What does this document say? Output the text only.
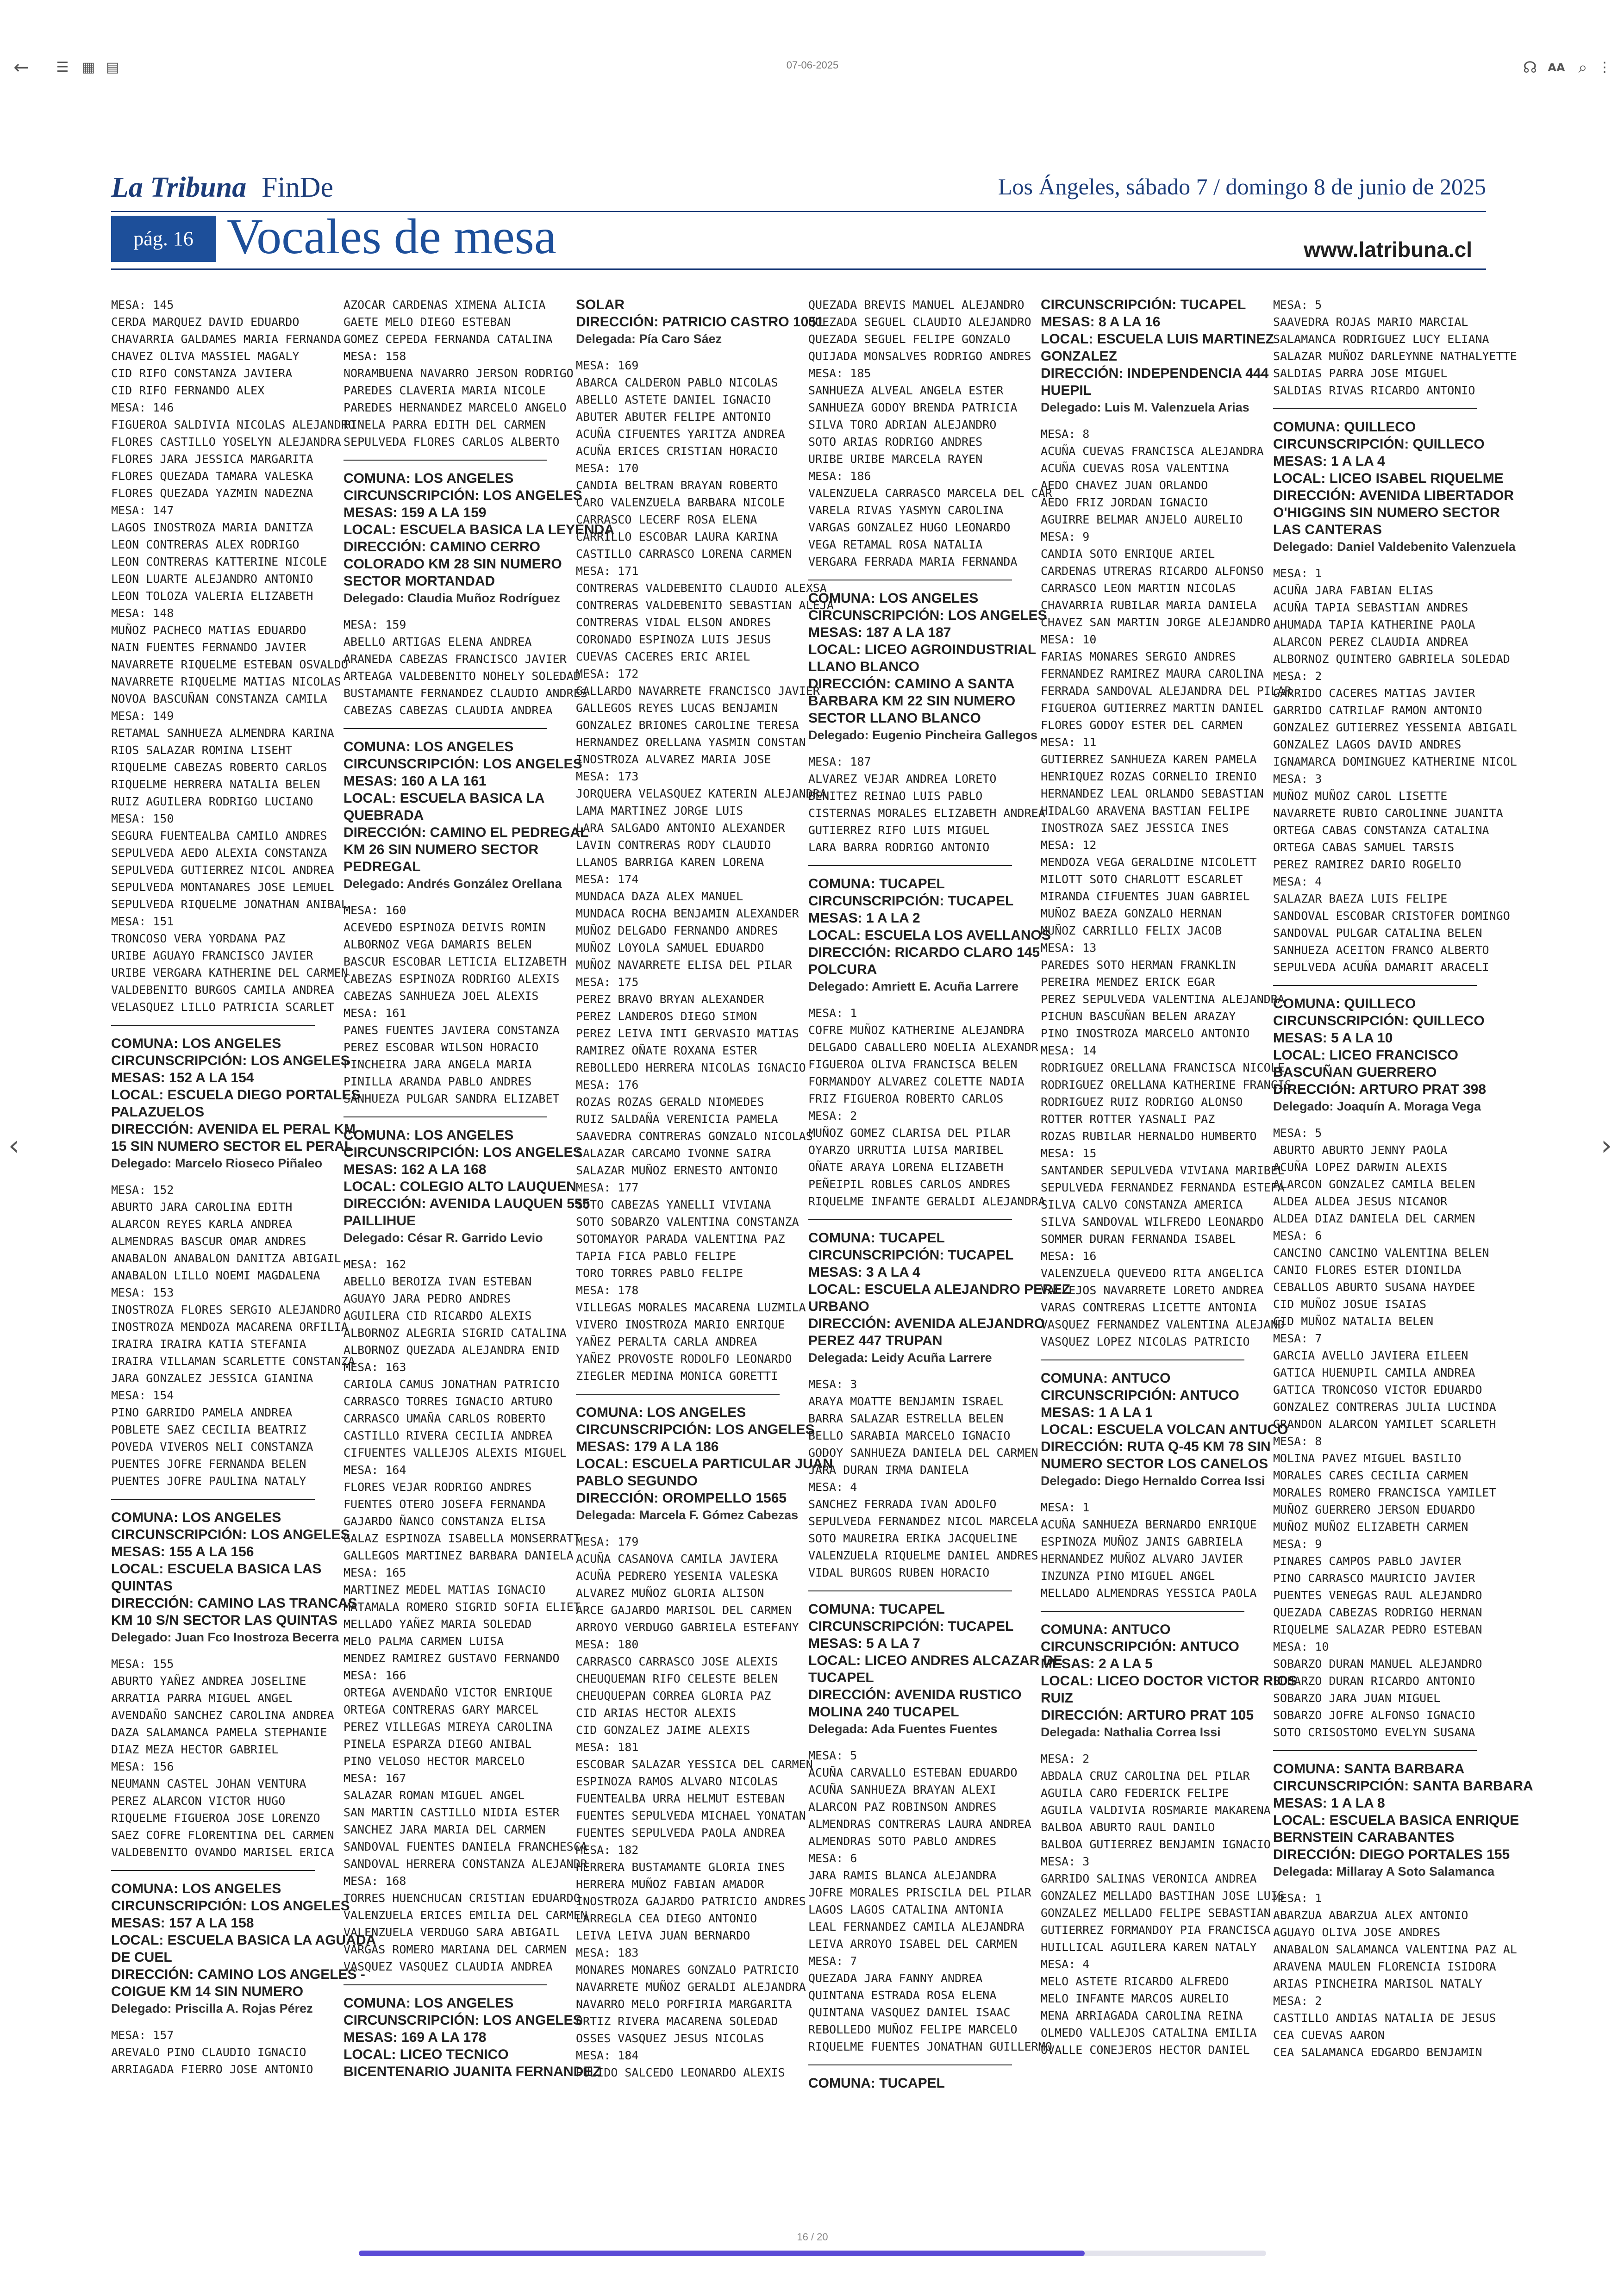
←	☰ ▦ ▤	07-06-2025	☊ AA ⌕ ⋮
La Tribuna FinDe	Los Ángeles, sábado 7 / domingo 8 de junio de 2025
pág. 16 Vocales de mesa	www.latribuna.cl
‹	›
MESA: 145
CERDA MARQUEZ DAVID EDUARDO
CHAVARRIA GALDAMES MARIA FERNANDA
CHAVEZ OLIVA MASSIEL MAGALY
CID RIFO CONSTANZA JAVIERA
CID RIFO FERNANDO ALEX
MESA: 146
FIGUEROA SALDIVIA NICOLAS ALEJANDRO
FLORES CASTILLO YOSELYN ALEJANDRA
FLORES JARA JESSICA MARGARITA
FLORES QUEZADA TAMARA VALESKA
FLORES QUEZADA YAZMIN NADEZNA
MESA: 147
LAGOS INOSTROZA MARIA DANITZA
LEON CONTRERAS ALEX RODRIGO
LEON CONTRERAS KATTERINE NICOLE
LEON LUARTE ALEJANDRO ANTONIO
LEON TOLOZA VALERIA ELIZABETH
MESA: 148
MUÑOZ PACHECO MATIAS EDUARDO
NAIN FUENTES FERNANDO JAVIER
NAVARRETE RIQUELME ESTEBAN OSVALDO
NAVARRETE RIQUELME MATIAS NICOLAS
NOVOA BASCUÑAN CONSTANZA CAMILA
MESA: 149
RETAMAL SANHUEZA ALMENDRA KARINA
RIOS SALAZAR ROMINA LISEHT
RIQUELME CABEZAS ROBERTO CARLOS
RIQUELME HERRERA NATALIA BELEN
RUIZ AGUILERA RODRIGO LUCIANO
MESA: 150
SEGURA FUENTEALBA CAMILO ANDRES
SEPULVEDA AEDO ALEXIA CONSTANZA
SEPULVEDA GUTIERREZ NICOL ANDREA
SEPULVEDA MONTANARES JOSE LEMUEL
SEPULVEDA RIQUELME JONATHAN ANIBAL
MESA: 151
TRONCOSO VERA YORDANA PAZ
URIBE AGUAYO FRANCISCO JAVIER
URIBE VERGARA KATHERINE DEL CARMEN
VALDEBENITO BURGOS CAMILA ANDREA
VELASQUEZ LILLO PATRICIA SCARLET
COMUNA: LOS ANGELES
CIRCUNSCRIPCIÓN: LOS ANGELES
MESAS: 152 A LA 154
LOCAL: ESCUELA DIEGO PORTALES
PALAZUELOS
DIRECCIÓN: AVENIDA EL PERAL KM
15 SIN NUMERO SECTOR EL PERAL
Delegado: Marcelo Rioseco Piñaleo
MESA: 152
ABURTO JARA CAROLINA EDITH
ALARCON REYES KARLA ANDREA
ALMENDRAS BASCUR OMAR ANDRES
ANABALON ANABALON DANITZA ABIGAIL
ANABALON LILLO NOEMI MAGDALENA
MESA: 153
INOSTROZA FLORES SERGIO ALEJANDRO
INOSTROZA MENDOZA MACARENA ORFILIA
IRAIRA IRAIRA KATIA STEFANIA
IRAIRA VILLAMAN SCARLETTE CONSTANZA
JARA GONZALEZ JESSICA GIANINA
MESA: 154
PINO GARRIDO PAMELA ANDREA
POBLETE SAEZ CECILIA BEATRIZ
POVEDA VIVEROS NELI CONSTANZA
PUENTES JOFRE FERNANDA BELEN
PUENTES JOFRE PAULINA NATALY
COMUNA: LOS ANGELES
CIRCUNSCRIPCIÓN: LOS ANGELES
MESAS: 155 A LA 156
LOCAL: ESCUELA BASICA LAS
QUINTAS
DIRECCIÓN: CAMINO LAS TRANCAS
KM 10 S/N SECTOR LAS QUINTAS
Delegado: Juan Fco Inostroza Becerra
MESA: 155
ABURTO YAÑEZ ANDREA JOSELINE
ARRATIA PARRA MIGUEL ANGEL
AVENDAÑO SANCHEZ CAROLINA ANDREA
DAZA SALAMANCA PAMELA STEPHANIE
DIAZ MEZA HECTOR GABRIEL
MESA: 156
NEUMANN CASTEL JOHAN VENTURA
PEREZ ALARCON VICTOR HUGO
RIQUELME FIGUEROA JOSE LORENZO
SAEZ COFRE FLORENTINA DEL CARMEN
VALDEBENITO OVANDO MARISEL ERICA
COMUNA: LOS ANGELES
CIRCUNSCRIPCIÓN: LOS ANGELES
MESAS: 157 A LA 158
LOCAL: ESCUELA BASICA LA AGUADA
DE CUEL
DIRECCIÓN: CAMINO LOS ANGELES -
COIGUE KM 14 SIN NUMERO
Delegado: Priscilla A. Rojas Pérez
MESA: 157
AREVALO PINO CLAUDIO IGNACIO
ARRIAGADA FIERRO JOSE ANTONIO
AZOCAR CARDENAS XIMENA ALICIA
GAETE MELO DIEGO ESTEBAN
GOMEZ CEPEDA FERNANDA CATALINA
MESA: 158
NORAMBUENA NAVARRO JERSON RODRIGO
PAREDES CLAVERIA MARIA NICOLE
PAREDES HERNANDEZ MARCELO ANGELO
PINELA PARRA EDITH DEL CARMEN
SEPULVEDA FLORES CARLOS ALBERTO
COMUNA: LOS ANGELES
CIRCUNSCRIPCIÓN: LOS ANGELES
MESAS: 159 A LA 159
LOCAL: ESCUELA BASICA LA LEYENDA
DIRECCIÓN: CAMINO CERRO
COLORADO KM 28 SIN NUMERO
SECTOR MORTANDAD
Delegado: Claudia Muñoz Rodríguez
MESA: 159
ABELLO ARTIGAS ELENA ANDREA
ARANEDA CABEZAS FRANCISCO JAVIER
ARTEAGA VALDEBENITO NOHELY SOLEDAD
BUSTAMANTE FERNANDEZ CLAUDIO ANDRES
CABEZAS CABEZAS CLAUDIA ANDREA
COMUNA: LOS ANGELES
CIRCUNSCRIPCIÓN: LOS ANGELES
MESAS: 160 A LA 161
LOCAL: ESCUELA BASICA LA
QUEBRADA
DIRECCIÓN: CAMINO EL PEDREGAL
KM 26 SIN NUMERO SECTOR
PEDREGAL
Delegado: Andrés González Orellana
MESA: 160
ACEVEDO ESPINOZA DEIVIS ROMIN
ALBORNOZ VEGA DAMARIS BELEN
BASCUR ESCOBAR LETICIA ELIZABETH
CABEZAS ESPINOZA RODRIGO ALEXIS
CABEZAS SANHUEZA JOEL ALEXIS
MESA: 161
PANES FUENTES JAVIERA CONSTANZA
PEREZ ESCOBAR WILSON HORACIO
PINCHEIRA JARA ANGELA MARIA
PINILLA ARANDA PABLO ANDRES
SANHUEZA PULGAR SANDRA ELIZABET
COMUNA: LOS ANGELES
CIRCUNSCRIPCIÓN: LOS ANGELES
MESAS: 162 A LA 168
LOCAL: COLEGIO ALTO LAUQUEN
DIRECCIÓN: AVENIDA LAUQUEN 555
PAILLIHUE
Delegado: César R. Garrido Levio
MESA: 162
ABELLO BEROIZA IVAN ESTEBAN
AGUAYO JARA PEDRO ANDRES
AGUILERA CID RICARDO ALEXIS
ALBORNOZ ALEGRIA SIGRID CATALINA
ALBORNOZ QUEZADA ALEJANDRA ENID
MESA: 163
CARIOLA CAMUS JONATHAN PATRICIO
CARRASCO TORRES IGNACIO ARTURO
CARRASCO UMAÑA CARLOS ROBERTO
CASTILLO RIVERA CECILIA ANDREA
CIFUENTES VALLEJOS ALEXIS MIGUEL
MESA: 164
FLORES VEJAR RODRIGO ANDRES
FUENTES OTERO JOSEFA FERNANDA
GAJARDO ÑANCO CONSTANZA ELISA
GALAZ ESPINOZA ISABELLA MONSERRATT
GALLEGOS MARTINEZ BARBARA DANIELA
MESA: 165
MARTINEZ MEDEL MATIAS IGNACIO
MATAMALA ROMERO SIGRID SOFIA ELIET
MELLADO YAÑEZ MARIA SOLEDAD
MELO PALMA CARMEN LUISA
MENDEZ RAMIREZ GUSTAVO FERNANDO
MESA: 166
ORTEGA AVENDAÑO VICTOR ENRIQUE
ORTEGA CONTRERAS GARY MARCEL
PEREZ VILLEGAS MIREYA CAROLINA
PINELA ESPARZA DIEGO ANIBAL
PINO VELOSO HECTOR MARCELO
MESA: 167
SALAZAR ROMAN MIGUEL ANGEL
SAN MARTIN CASTILLO NIDIA ESTER
SANCHEZ JARA MARIA DEL CARMEN
SANDOVAL FUENTES DANIELA FRANCHESCA
SANDOVAL HERRERA CONSTANZA ALEJANDR
MESA: 168
TORRES HUENCHUCAN CRISTIAN EDUARDO
VALENZUELA ERICES EMILIA DEL CARMEN
VALENZUELA VERDUGO SARA ABIGAIL
VARGAS ROMERO MARIANA DEL CARMEN
VASQUEZ VASQUEZ CLAUDIA ANDREA
COMUNA: LOS ANGELES
CIRCUNSCRIPCIÓN: LOS ANGELES
MESAS: 169 A LA 178
LOCAL: LICEO TECNICO
BICENTENARIO JUANITA FERNANDEZ
SOLAR
DIRECCIÓN: PATRICIO CASTRO 1051
Delegada: Pía Caro Sáez
MESA: 169
ABARCA CALDERON PABLO NICOLAS
ABELLO ASTETE DANIEL IGNACIO
ABUTER ABUTER FELIPE ANTONIO
ACUÑA CIFUENTES YARITZA ANDREA
ACUÑA ERICES CRISTIAN HORACIO
MESA: 170
CANDIA BELTRAN BRAYAN ROBERTO
CARO VALENZUELA BARBARA NICOLE
CARRASCO LECERF ROSA ELENA
CARRILLO ESCOBAR LAURA KARINA
CASTILLO CARRASCO LORENA CARMEN
MESA: 171
CONTRERAS VALDEBENITO CLAUDIO ALEXSA
CONTRERAS VALDEBENITO SEBASTIAN ALEJA
CONTRERAS VIDAL ELSON ANDRES
CORONADO ESPINOZA LUIS JESUS
CUEVAS CACERES ERIC ARIEL
MESA: 172
GALLARDO NAVARRETE FRANCISCO JAVIER
GALLEGOS REYES LUCAS BENJAMIN
GONZALEZ BRIONES CAROLINE TERESA
HERNANDEZ ORELLANA YASMIN CONSTAN
INOSTROZA ALVAREZ MARIA JOSE
MESA: 173
JORQUERA VELASQUEZ KATERIN ALEJANDRA
LAMA MARTINEZ JORGE LUIS
LARA SALGADO ANTONIO ALEXANDER
LAVIN CONTRERAS RODY CLAUDIO
LLANOS BARRIGA KAREN LORENA
MESA: 174
MUNDACA DAZA ALEX MANUEL
MUNDACA ROCHA BENJAMIN ALEXANDER
MUÑOZ DELGADO FERNANDO ANDRES
MUÑOZ LOYOLA SAMUEL EDUARDO
MUÑOZ NAVARRETE ELISA DEL PILAR
MESA: 175
PEREZ BRAVO BRYAN ALEXANDER
PEREZ LANDEROS DIEGO SIMON
PEREZ LEIVA INTI GERVASIO MATIAS
RAMIREZ OÑATE ROXANA ESTER
REBOLLEDO HERRERA NICOLAS IGNACIO
MESA: 176
ROZAS ROZAS GERALD NIOMEDES
RUIZ SALDAÑA VERENICIA PAMELA
SAAVEDRA CONTRERAS GONZALO NICOLAS
SALAZAR CARCAMO IVONNE SAIRA
SALAZAR MUÑOZ ERNESTO ANTONIO
MESA: 177
SOTO CABEZAS YANELLI VIVIANA
SOTO SOBARZO VALENTINA CONSTANZA
SOTOMAYOR PARADA VALENTINA PAZ
TAPIA FICA PABLO FELIPE
TORO TORRES PABLO FELIPE
MESA: 178
VILLEGAS MORALES MACARENA LUZMILA
VIVERO INOSTROZA MARIO ENRIQUE
YAÑEZ PERALTA CARLA ANDREA
YAÑEZ PROVOSTE RODOLFO LEONARDO
ZIEGLER MEDINA MONICA GORETTI
COMUNA: LOS ANGELES
CIRCUNSCRIPCIÓN: LOS ANGELES
MESAS: 179 A LA 186
LOCAL: ESCUELA PARTICULAR JUAN
PABLO SEGUNDO
DIRECCIÓN: OROMPELLO 1565
Delegada: Marcela F. Gómez Cabezas
MESA: 179
ACUÑA CASANOVA CAMILA JAVIERA
ACUÑA PEDRERO YESENIA VALESKA
ALVAREZ MUÑOZ GLORIA ALISON
ARCE GAJARDO MARISOL DEL CARMEN
ARROYO VERDUGO GABRIELA ESTEFANY
MESA: 180
CARRASCO CARRASCO JOSE ALEXIS
CHEUQUEMAN RIFO CELESTE BELEN
CHEUQUEPAN CORREA GLORIA PAZ
CID ARIAS HECTOR ALEXIS
CID GONZALEZ JAIME ALEXIS
MESA: 181
ESCOBAR SALAZAR YESSICA DEL CARMEN
ESPINOZA RAMOS ALVARO NICOLAS
FUENTEALBA URRA HELMUT ESTEBAN
FUENTES SEPULVEDA MICHAEL YONATAN
FUENTES SEPULVEDA PAOLA ANDREA
MESA: 182
HERRERA BUSTAMANTE GLORIA INES
HERRERA MUÑOZ FABIAN AMADOR
INOSTROZA GAJARDO PATRICIO ANDRES
LARREGLA CEA DIEGO ANTONIO
LEIVA LEIVA JUAN BERNARDO
MESA: 183
MONARES MONARES GONZALO PATRICIO
NAVARRETE MUÑOZ GERALDI ALEJANDRA
NAVARRO MELO PORFIRIA MARGARITA
ORTIZ RIVERA MACARENA SOLEDAD
OSSES VASQUEZ JESUS NICOLAS
MESA: 184
PULIDO SALCEDO LEONARDO ALEXIS
QUEZADA BREVIS MANUEL ALEJANDRO
QUEZADA SEGUEL CLAUDIO ALEJANDRO
QUEZADA SEGUEL FELIPE GONZALO
QUIJADA MONSALVES RODRIGO ANDRES
MESA: 185
SANHUEZA ALVEAL ANGELA ESTER
SANHUEZA GODOY BRENDA PATRICIA
SILVA TORO ADRIAN ALEJANDRO
SOTO ARIAS RODRIGO ANDRES
URIBE URIBE MARCELA RAYEN
MESA: 186
VALENZUELA CARRASCO MARCELA DEL CAR
VARELA RIVAS YASMYN CAROLINA
VARGAS GONZALEZ HUGO LEONARDO
VEGA RETAMAL ROSA NATALIA
VERGARA FERRADA MARIA FERNANDA
COMUNA: LOS ANGELES
CIRCUNSCRIPCIÓN: LOS ANGELES
MESAS: 187 A LA 187
LOCAL: LICEO AGROINDUSTRIAL
LLANO BLANCO
DIRECCIÓN: CAMINO A SANTA
BARBARA KM 22 SIN NUMERO
SECTOR LLANO BLANCO
Delegado: Eugenio Pincheira Gallegos
MESA: 187
ALVAREZ VEJAR ANDREA LORETO
BENITEZ REINAO LUIS PABLO
CISTERNAS MORALES ELIZABETH ANDREA
GUTIERREZ RIFO LUIS MIGUEL
LARA BARRA RODRIGO ANTONIO
COMUNA: TUCAPEL
CIRCUNSCRIPCIÓN: TUCAPEL
MESAS: 1 A LA 2
LOCAL: ESCUELA LOS AVELLANOS
DIRECCIÓN: RICARDO CLARO 145
POLCURA
Delegado: Amriett E. Acuña Larrere
MESA: 1
COFRE MUÑOZ KATHERINE ALEJANDRA
DELGADO CABALLERO NOELIA ALEXANDR
FIGUEROA OLIVA FRANCISCA BELEN
FORMANDOY ALVAREZ COLETTE NADIA
FRIZ FIGUEROA ROBERTO CARLOS
MESA: 2
MUÑOZ GOMEZ CLARISA DEL PILAR
OYARZO URRUTIA LUISA MARIBEL
OÑATE ARAYA LORENA ELIZABETH
PEÑEIPIL ROBLES CARLOS ANDRES
RIQUELME INFANTE GERALDI ALEJANDRA
COMUNA: TUCAPEL
CIRCUNSCRIPCIÓN: TUCAPEL
MESAS: 3 A LA 4
LOCAL: ESCUELA ALEJANDRO PEREZ
URBANO
DIRECCIÓN: AVENIDA ALEJANDRO
PEREZ 447 TRUPAN
Delegada: Leidy Acuña Larrere
MESA: 3
ARAYA MOATTE BENJAMIN ISRAEL
BARRA SALAZAR ESTRELLA BELEN
BELLO SARABIA MARCELO IGNACIO
GODOY SANHUEZA DANIELA DEL CARMEN
JARA DURAN IRMA DANIELA
MESA: 4
SANCHEZ FERRADA IVAN ADOLFO
SEPULVEDA FERNANDEZ NICOL MARCELA
SOTO MAUREIRA ERIKA JACQUELINE
VALENZUELA RIQUELME DANIEL ANDRES
VIDAL BURGOS RUBEN HORACIO
COMUNA: TUCAPEL
CIRCUNSCRIPCIÓN: TUCAPEL
MESAS: 5 A LA 7
LOCAL: LICEO ANDRES ALCAZAR DE
TUCAPEL
DIRECCIÓN: AVENIDA RUSTICO
MOLINA 240 TUCAPEL
Delegada: Ada Fuentes Fuentes
MESA: 5
ACUÑA CARVALLO ESTEBAN EDUARDO
ACUÑA SANHUEZA BRAYAN ALEXI
ALARCON PAZ ROBINSON ANDRES
ALMENDRAS CONTRERAS LAURA ANDREA
ALMENDRAS SOTO PABLO ANDRES
MESA: 6
JARA RAMIS BLANCA ALEJANDRA
JOFRE MORALES PRISCILA DEL PILAR
LAGOS LAGOS CATALINA ANTONIA
LEAL FERNANDEZ CAMILA ALEJANDRA
LEIVA ARROYO ISABEL DEL CARMEN
MESA: 7
QUEZADA JARA FANNY ANDREA
QUINTANA ESTRADA ROSA ELENA
QUINTANA VASQUEZ DANIEL ISAAC
REBOLLEDO MUÑOZ FELIPE MARCELO
RIQUELME FUENTES JONATHAN GUILLERMO
COMUNA: TUCAPEL
CIRCUNSCRIPCIÓN: TUCAPEL
MESAS: 8 A LA 16
LOCAL: ESCUELA LUIS MARTINEZ
GONZALEZ
DIRECCIÓN: INDEPENDENCIA 444
HUEPIL
Delegado: Luis M. Valenzuela Arias
MESA: 8
ACUÑA CUEVAS FRANCISCA ALEJANDRA
ACUÑA CUEVAS ROSA VALENTINA
AEDO CHAVEZ JUAN ORLANDO
AEDO FRIZ JORDAN IGNACIO
AGUIRRE BELMAR ANJELO AURELIO
MESA: 9
CANDIA SOTO ENRIQUE ARIEL
CARDENAS UTRERAS RICARDO ALFONSO
CARRASCO LEON MARTIN NICOLAS
CHAVARRIA RUBILAR MARIA DANIELA
CHAVEZ SAN MARTIN JORGE ALEJANDRO
MESA: 10
FARIAS MONARES SERGIO ANDRES
FERNANDEZ RAMIREZ MAURA CAROLINA
FERRADA SANDOVAL ALEJANDRA DEL PILAR
FIGUEROA GUTIERREZ MARTIN DANIEL
FLORES GODOY ESTER DEL CARMEN
MESA: 11
GUTIERREZ SANHUEZA KAREN PAMELA
HENRIQUEZ ROZAS CORNELIO IRENIO
HERNANDEZ LEAL ORLANDO SEBASTIAN
HIDALGO ARAVENA BASTIAN FELIPE
INOSTROZA SAEZ JESSICA INES
MESA: 12
MENDOZA VEGA GERALDINE NICOLETT
MILOTT SOTO CHARLOTT ESCARLET
MIRANDA CIFUENTES JUAN GABRIEL
MUÑOZ BAEZA GONZALO HERNAN
MUÑOZ CARRILLO FELIX JACOB
MESA: 13
PAREDES SOTO HERMAN FRANKLIN
PEREIRA MENDEZ ERICK EGAR
PEREZ SEPULVEDA VALENTINA ALEJANDRA
PICHUN BASCUÑAN BELEN ARAZAY
PINO INOSTROZA MARCELO ANTONIO
MESA: 14
RODRIGUEZ ORELLANA FRANCISCA NICOLE
RODRIGUEZ ORELLANA KATHERINE FRANCIS
RODRIGUEZ RUIZ RODRIGO ALONSO
ROTTER ROTTER YASNALI PAZ
ROZAS RUBILAR HERNALDO HUMBERTO
MESA: 15
SANTANDER SEPULVEDA VIVIANA MARIBEL
SEPULVEDA FERNANDEZ FERNANDA ESTEFA
SILVA CALVO CONSTANZA AMERICA
SILVA SANDOVAL WILFREDO LEONARDO
SOMMER DURAN FERNANDA ISABEL
MESA: 16
VALENZUELA QUEVEDO RITA ANGELICA
VALLEJOS NAVARRETE LORETO ANDREA
VARAS CONTRERAS LICETTE ANTONIA
VASQUEZ FERNANDEZ VALENTINA ALEJAND
VASQUEZ LOPEZ NICOLAS PATRICIO
COMUNA: ANTUCO
CIRCUNSCRIPCIÓN: ANTUCO
MESAS: 1 A LA 1
LOCAL: ESCUELA VOLCAN ANTUCO
DIRECCIÓN: RUTA Q-45 KM 78 SIN
NUMERO SECTOR LOS CANELOS
Delegado: Diego Hernaldo Correa Issi
MESA: 1
ACUÑA SANHUEZA BERNARDO ENRIQUE
ESPINOZA MUÑOZ JANIS GABRIELA
HERNANDEZ MUÑOZ ALVARO JAVIER
INZUNZA PINO MIGUEL ANGEL
MELLADO ALMENDRAS YESSICA PAOLA
COMUNA: ANTUCO
CIRCUNSCRIPCIÓN: ANTUCO
MESAS: 2 A LA 5
LOCAL: LICEO DOCTOR VICTOR RIOS
RUIZ
DIRECCIÓN: ARTURO PRAT 105
Delegada: Nathalia Correa Issi
MESA: 2
ABDALA CRUZ CAROLINA DEL PILAR
AGUILA CARO FEDERICK FELIPE
AGUILA VALDIVIA ROSMARIE MAKARENA
BALBOA ABURTO RAUL DANILO
BALBOA GUTIERREZ BENJAMIN IGNACIO
MESA: 3
GARRIDO SALINAS VERONICA ANDREA
GONZALEZ MELLADO BASTIHAN JOSE LUIS
GONZALEZ MELLADO FELIPE SEBASTIAN
GUTIERREZ FORMANDOY PIA FRANCISCA
HUILLICAL AGUILERA KAREN NATALY
MESA: 4
MELO ASTETE RICARDO ALFREDO
MELO INFANTE MARCOS AURELIO
MENA ARRIAGADA CAROLINA REINA
OLMEDO VALLEJOS CATALINA EMILIA
OVALLE CONEJEROS HECTOR DANIEL
MESA: 5
SAAVEDRA ROJAS MARIO MARCIAL
SALAMANCA RODRIGUEZ LUCY ELIANA
SALAZAR MUÑOZ DARLEYNNE NATHALYETTE
SALDIAS PARRA JOSE MIGUEL
SALDIAS RIVAS RICARDO ANTONIO
COMUNA: QUILLECO
CIRCUNSCRIPCIÓN: QUILLECO
MESAS: 1 A LA 4
LOCAL: LICEO ISABEL RIQUELME
DIRECCIÓN: AVENIDA LIBERTADOR
O'HIGGINS SIN NUMERO SECTOR
LAS CANTERAS
Delegado: Daniel Valdebenito Valenzuela
MESA: 1
ACUÑA JARA FABIAN ELIAS
ACUÑA TAPIA SEBASTIAN ANDRES
AHUMADA TAPIA KATHERINE PAOLA
ALARCON PEREZ CLAUDIA ANDREA
ALBORNOZ QUINTERO GABRIELA SOLEDAD
MESA: 2
GARRIDO CACERES MATIAS JAVIER
GARRIDO CATRILAF RAMON ANTONIO
GONZALEZ GUTIERREZ YESSENIA ABIGAIL
GONZALEZ LAGOS DAVID ANDRES
IGNAMARCA DOMINGUEZ KATHERINE NICOL
MESA: 3
MUÑOZ MUÑOZ CAROL LISETTE
NAVARRETE RUBIO CAROLINNE JUANITA
ORTEGA CABAS CONSTANZA CATALINA
ORTEGA CABAS SAMUEL TARSIS
PEREZ RAMIREZ DARIO ROGELIO
MESA: 4
SALAZAR BAEZA LUIS FELIPE
SANDOVAL ESCOBAR CRISTOFER DOMINGO
SANDOVAL PULGAR CATALINA BELEN
SANHUEZA ACEITON FRANCO ALBERTO
SEPULVEDA ACUÑA DAMARIT ARACELI
COMUNA: QUILLECO
CIRCUNSCRIPCIÓN: QUILLECO
MESAS: 5 A LA 10
LOCAL: LICEO FRANCISCO
BASCUÑAN GUERRERO
DIRECCIÓN: ARTURO PRAT 398
Delegado: Joaquín A. Moraga Vega
MESA: 5
ABURTO ABURTO JENNY PAOLA
ACUÑA LOPEZ DARWIN ALEXIS
ALARCON GONZALEZ CAMILA BELEN
ALDEA ALDEA JESUS NICANOR
ALDEA DIAZ DANIELA DEL CARMEN
MESA: 6
CANCINO CANCINO VALENTINA BELEN
CANIO FLORES ESTER DIONILDA
CEBALLOS ABURTO SUSANA HAYDEE
CID MUÑOZ JOSUE ISAIAS
CID MUÑOZ NATALIA BELEN
MESA: 7
GARCIA AVELLO JAVIERA EILEEN
GATICA HUENUPIL CAMILA ANDREA
GATICA TRONCOSO VICTOR EDUARDO
GONZALEZ CONTRERAS JULIA LUCINDA
GRANDON ALARCON YAMILET SCARLETH
MESA: 8
MOLINA PAVEZ MIGUEL BASILIO
MORALES CARES CECILIA CARMEN
MORALES ROMERO FRANCISCA YAMILET
MUÑOZ GUERRERO JERSON EDUARDO
MUÑOZ MUÑOZ ELIZABETH CARMEN
MESA: 9
PINARES CAMPOS PABLO JAVIER
PINO CARRASCO MAURICIO JAVIER
PUENTES VENEGAS RAUL ALEJANDRO
QUEZADA CABEZAS RODRIGO HERNAN
RIQUELME SALAZAR PEDRO ESTEBAN
MESA: 10
SOBARZO DURAN MANUEL ALEJANDRO
SOBARZO DURAN RICARDO ANTONIO
SOBARZO JARA JUAN MIGUEL
SOBARZO JOFRE ALFONSO IGNACIO
SOTO CRISOSTOMO EVELYN SUSANA
COMUNA: SANTA BARBARA
CIRCUNSCRIPCIÓN: SANTA BARBARA
MESAS: 1 A LA 8
LOCAL: ESCUELA BASICA ENRIQUE
BERNSTEIN CARABANTES
DIRECCIÓN: DIEGO PORTALES 155
Delegada: Millaray A Soto Salamanca
MESA: 1
ABARZUA ABARZUA ALEX ANTONIO
AGUAYO OLIVA JOSE ANDRES
ANABALON SALAMANCA VALENTINA PAZ AL
ARAVENA MAULEN FLORENCIA ISIDORA
ARIAS PINCHEIRA MARISOL NATALY
MESA: 2
CASTILLO ANDIAS NATALIA DE JESUS
CEA CUEVAS AARON
CEA SALAMANCA EDGARDO BENJAMIN
16 / 20
